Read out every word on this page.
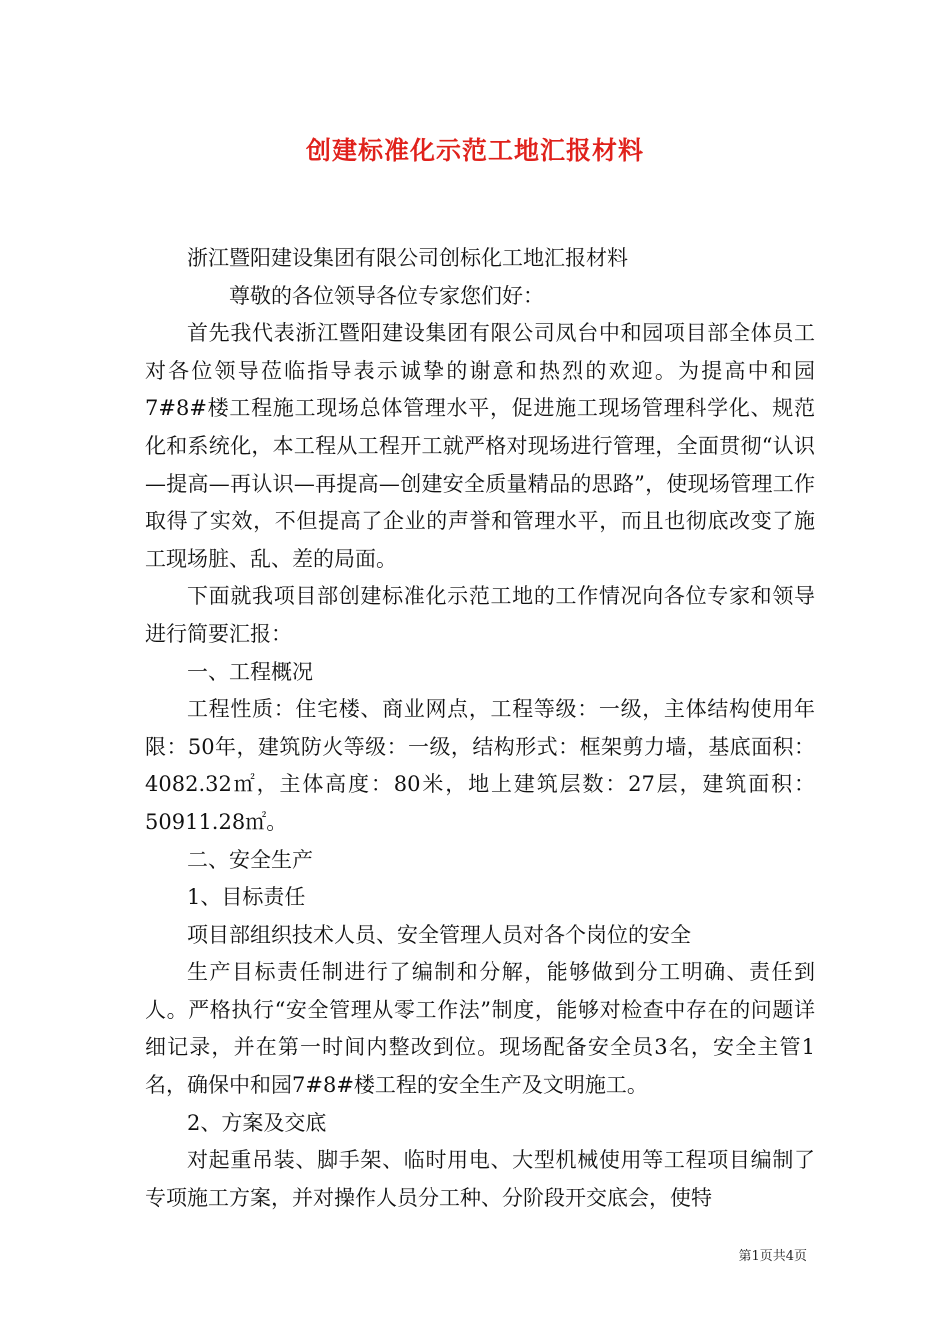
创建标准化示范工地汇报材料

浙江暨阳建设集团有限公司创标化工地汇报材料

尊敬的各位领导各位专家您们好：

首先我代表浙江暨阳建设集团有限公司凤台中和园项目部全体员工对各位领导莅临指导表示诚挚的谢意和热烈的欢迎。为提高中和园7#8#楼工程施工现场总体管理水平，促进施工现场管理科学化、规范化和系统化，本工程从工程开工就严格对现场进行管理，全面贯彻“认识—提高—再认识—再提高—创建安全质量精品的思路”，使现场管理工作取得了实效，不但提高了企业的声誉和管理水平，而且也彻底改变了施工现场脏、乱、差的局面。

下面就我项目部创建标准化示范工地的工作情况向各位专家和领导进行简要汇报：

一、工程概况

工程性质：住宅楼、商业网点，工程等级：一级，主体结构使用年限：50年，建筑防火等级：一级，结构形式：框架剪力墙，基底面积：4082.32㎡，主体高度：80米，地上建筑层数：27层，建筑面积：50911.28㎡。

二、安全生产

1、目标责任

项目部组织技术人员、安全管理人员对各个岗位的安全

生产目标责任制进行了编制和分解，能够做到分工明确、责任到人。严格执行“安全管理从零工作法”制度，能够对检查中存在的问题详细记录，并在第一时间内整改到位。现场配备安全员3名，安全主管1名，确保中和园7#8#楼工程的安全生产及文明施工。

2、方案及交底

对起重吊装、脚手架、临时用电、大型机械使用等工程项目编制了专项施工方案，并对操作人员分工种、分阶段开交底会，使特

第1页共4页
